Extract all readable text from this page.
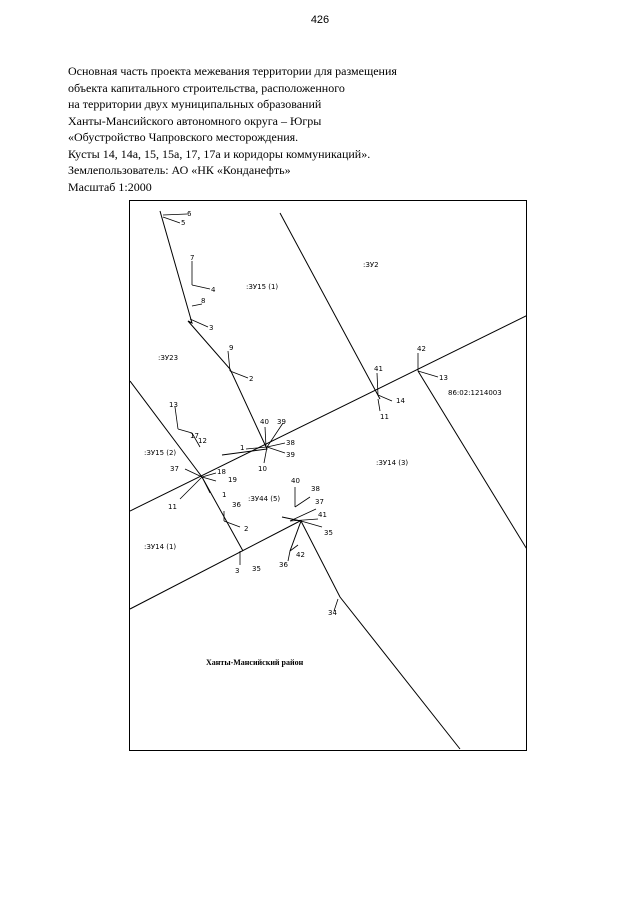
426
Основная часть проекта межевания территории для размещения
объекта капитального строительства, расположенного
на территории двух муниципальных образований
Ханты-Мансийского автономного округа – Югры
«Обустройство Чапровского месторождения.
Кусты 14, 14а, 15, 15а, 17, 17а и коридоры коммуникаций».
Землепользователь: АО «НК «Конданефть»
Масштаб 1:2000
6
5
7
4
8
3
9
2
41
14
11
42
13
13
17
12
40 39
1
38
39
10
37	18
19
1
11	36
2
3 35
40
38
37
41
35
36
42
34
:ЗУ2
:ЗУ15 (1)
:ЗУ23
86:02:1214003
:ЗУ15 (2)
:ЗУ14 (3)
:ЗУ44 (5)
:ЗУ14 (1)
Ханты-Мансийский район
